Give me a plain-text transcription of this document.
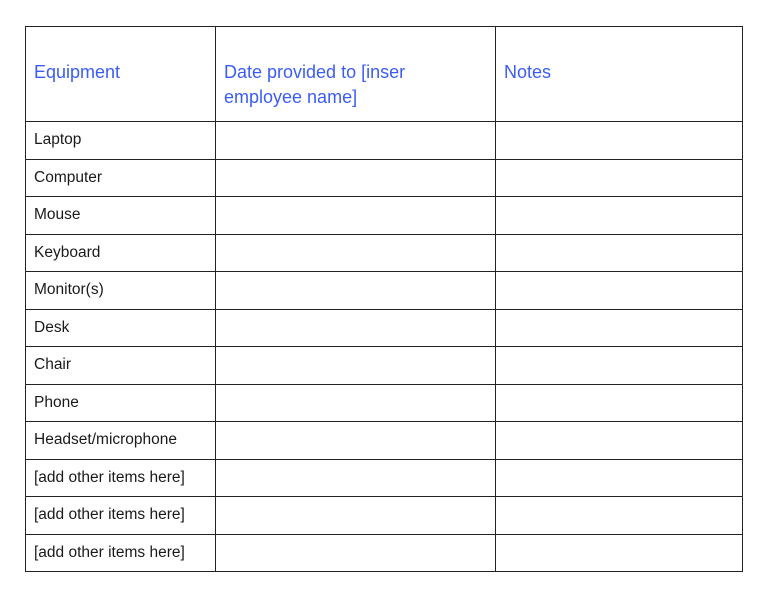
Equipment	Date provided to [inser employee name]	Notes
Laptop		
Computer		
Mouse		
Keyboard		
Monitor(s)		
Desk		
Chair		
Phone		
Headset/microphone		
[add other items here]		
[add other items here]		
[add other items here]		
